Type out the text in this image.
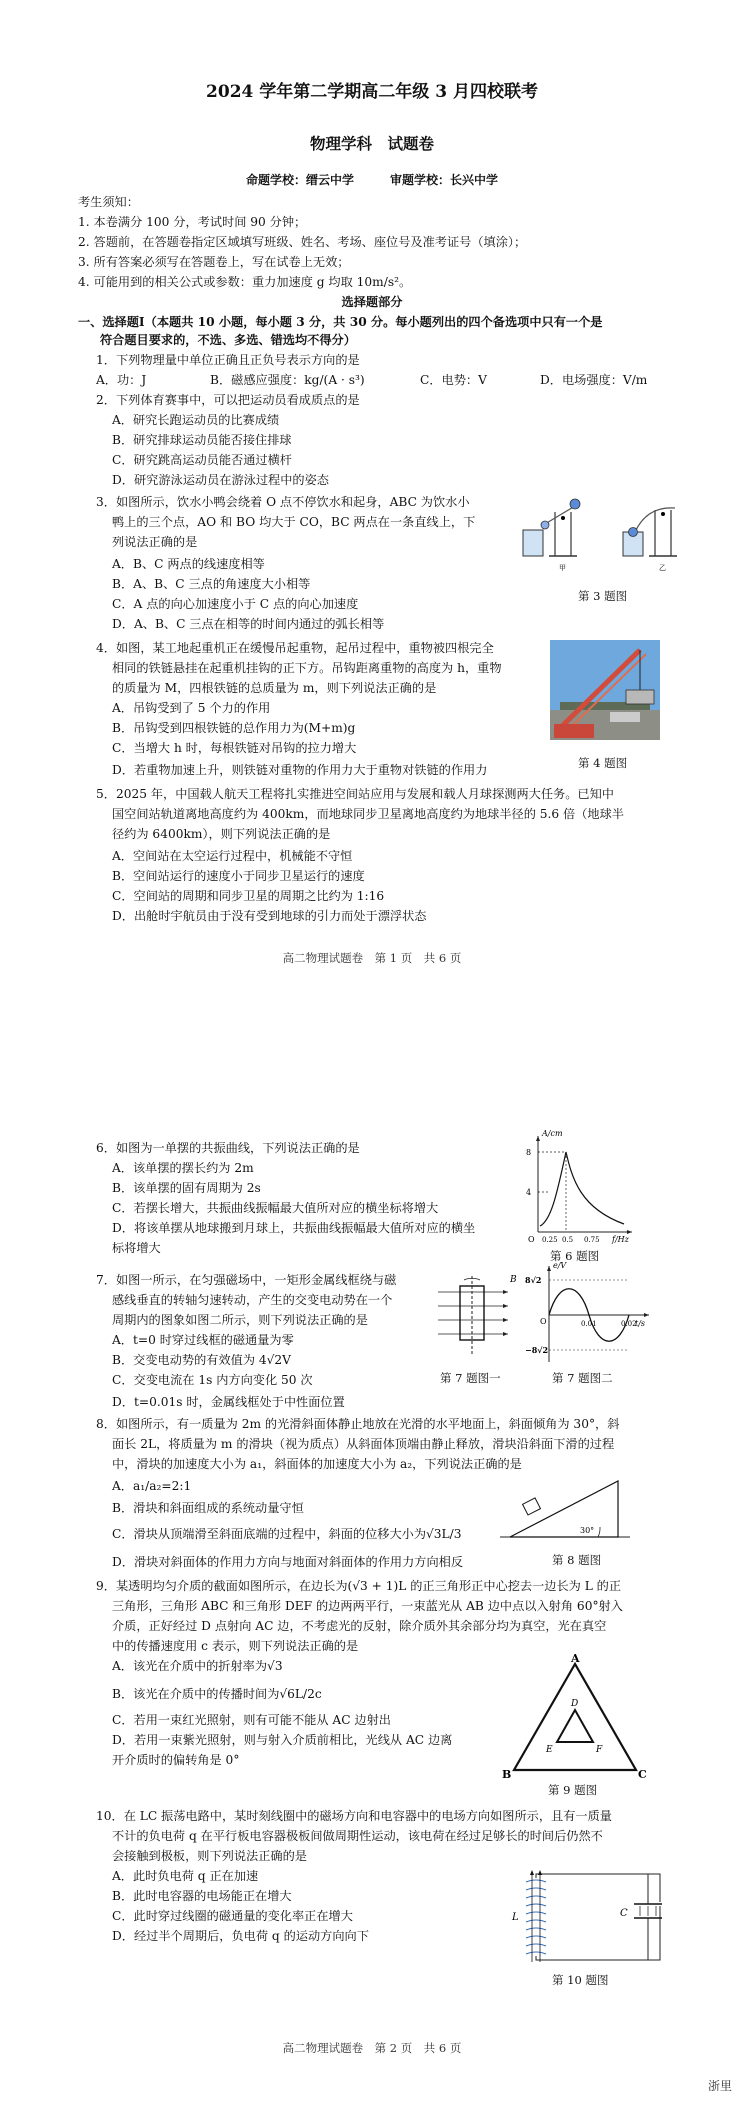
2024 学年第二学期高二年级 3 月四校联考
物理学科　试题卷
命题学校：缙云中学　　　审题学校：长兴中学
考生须知：
1. 本卷满分 100 分，考试时间 90 分钟；
2. 答题前，在答题卷指定区域填写班级、姓名、考场、座位号及准考证号（填涂）；
3. 所有答案必须写在答题卷上，写在试卷上无效；
4. 可能用到的相关公式或参数：重力加速度 g 均取 10m/s²。
选择题部分
一、选择题Ⅰ（本题共 10 小题，每小题 3 分，共 30 分。每小题列出的四个备选项中只有一个是
符合题目要求的，不选、多选、错选均不得分）
1．下列物理量中单位正确且正负号表示方向的是
A．功：J	B．磁感应强度：kg/(A · s³)	C．电势：V	D．电场强度：V/m
2．下列体育赛事中，可以把运动员看成质点的是
A．研究长跑运动员的比赛成绩
B．研究排球运动员能否接住排球
C．研究跳高运动员能否通过横杆
D．研究游泳运动员在游泳过程中的姿态
3．如图所示，饮水小鸭会绕着 O 点不停饮水和起身，ABC 为饮水小
鸭上的三个点，AO 和 BO 均大于 CO，BC 两点在一条直线上，下
列说法正确的是
A．B、C 两点的线速度相等
B．A、B、C 三点的角速度大小相等
C．A 点的向心加速度小于 C 点的向心加速度
D．A、B、C 三点在相等的时间内通过的弧长相等
甲	乙
第 3 题图
4．如图，某工地起重机正在缓慢吊起重物，起吊过程中，重物被四根完全
相同的铁链悬挂在起重机挂钩的正下方。吊钩距离重物的高度为 h，重物
的质量为 M，四根铁链的总质量为 m，则下列说法正确的是
A．吊钩受到了 5 个力的作用
B．吊钩受到四根铁链的总作用力为(M+m)g
C．当增大 h 时，每根铁链对吊钩的拉力增大
D．若重物加速上升，则铁链对重物的作用力大于重物对铁链的作用力	第 4 题图
5．2025 年，中国载人航天工程将扎实推进空间站应用与发展和载人月球探测两大任务。已知中
国空间站轨道离地高度约为 400km，而地球同步卫星离地高度约为地球半径的 5.6 倍（地球半
径约为 6400km），则下列说法正确的是
A．空间站在太空运行过程中，机械能不守恒
B．空间站运行的速度小于同步卫星运行的速度
C．空间站的周期和同步卫星的周期之比约为 1:16
D．出舱时宇航员由于没有受到地球的引力而处于漂浮状态
高二物理试题卷　第 1 页　共 6 页
6．如图为一单摆的共振曲线，下列说法正确的是
A．该单摆的摆长约为 2m
B．该单摆的固有周期为 2s
C．若摆长增大，共振曲线振幅最大值所对应的横坐标将增大
D．将该单摆从地球搬到月球上，共振曲线振幅最大值所对应的横坐
标将增大
8
4
A/cm
O 0.25 0.5 0.75 f/Hz
第 6 题图
7．如图一所示，在匀强磁场中，一矩形金属线框绕与磁
感线垂直的转轴匀速转动，产生的交变电动势在一个
周期内的图象如图二所示，则下列说法正确的是
A．t=0 时穿过线框的磁通量为零
B．交变电动势的有效值为 4√2V
C．交变电流在 1s 内方向变化 50 次
D．t=0.01s 时，金属线框处于中性面位置
B
第 7 题图一
e/V
8√2
−8√2
O	0.01	0.02
t/s
第 7 题图二
8．如图所示，有一质量为 2m 的光滑斜面体静止地放在光滑的水平地面上，斜面倾角为 30°，斜
面长 2L，将质量为 m 的滑块（视为质点）从斜面体顶端由静止释放，滑块沿斜面下滑的过程
中，滑块的加速度大小为 a₁，斜面体的加速度大小为 a₂，下列说法正确的是
A．a₁/a₂=2:1
B．滑块和斜面组成的系统动量守恒
C．滑块从顶端滑至斜面底端的过程中，斜面的位移大小为√3L/3
D．滑块对斜面体的作用力方向与地面对斜面体的作用力方向相反
30°
第 8 题图
9．某透明均匀介质的截面如图所示，在边长为(√3 + 1)L 的正三角形正中心挖去一边长为 L 的正
三角形，三角形 ABC 和三角形 DEF 的边两两平行，一束蓝光从 AB 边中点以入射角 60°射入
介质，正好经过 D 点射向 AC 边，不考虑光的反射，除介质外其余部分均为真空，光在真空
中的传播速度用 c 表示，则下列说法正确的是
A．该光在介质中的折射率为√3
B．该光在介质中的传播时间为√6L/2c
C．若用一束红光照射，则有可能不能从 AC 边射出
D．若用一束紫光照射，则与射入介质前相比，光线从 AC 边离
开介质时的偏转角是 0°
A
B	C
D
E	F
第 9 题图
10．在 LC 振荡电路中，某时刻线圈中的磁场方向和电容器中的电场方向如图所示，且有一质量
不计的负电荷 q 在平行板电容器极板间做周期性运动，该电荷在经过足够长的时间后仍然不
会接触到极板，则下列说法正确的是
A．此时负电荷 q 正在加速
B．此时电容器的电场能正在增大
C．此时穿过线圈的磁通量的变化率正在增大
D．经过半个周期后，负电荷 q 的运动方向向下
L	C
第 10 题图
高二物理试题卷　第 2 页　共 6 页
浙里
